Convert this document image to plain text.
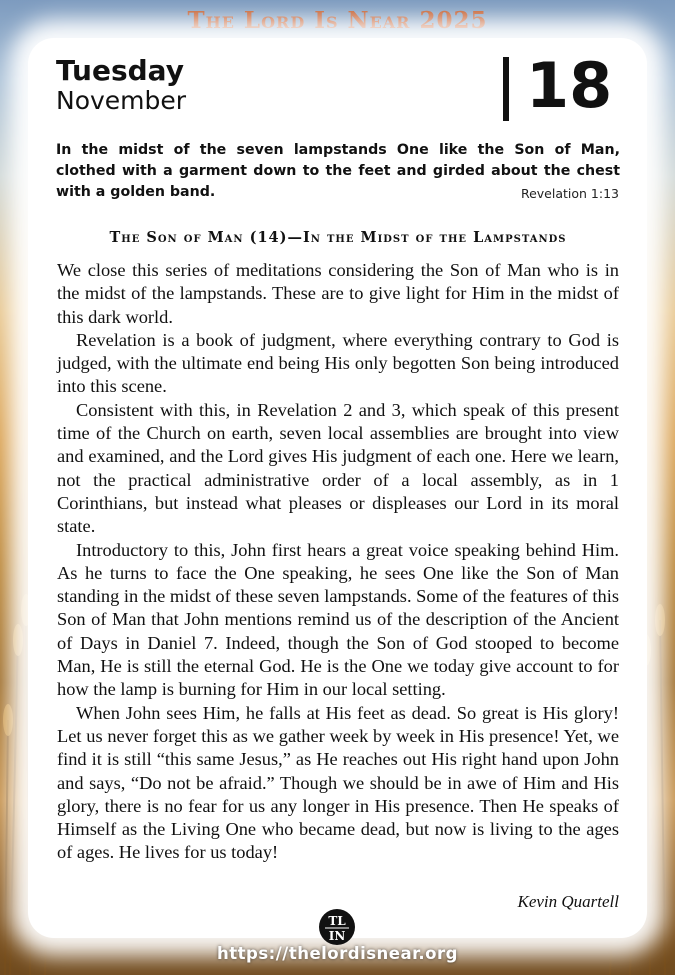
The Lord Is Near 2025
Tuesday
November	18
In the midst of the seven lampstands One like the Son of Man, clothed with a garment down to the feet and girded about the chest with a golden band.	Revelation 1:13
The Son of Man (14)—In the Midst of the Lampstands

We close this series of meditations considering the Son of Man who is in the midst of the lampstands. These are to give light for Him in the midst of this dark world.

Revelation is a book of judgment, where everything contrary to God is judged, with the ultimate end being His only begotten Son being introduced into this scene.

Consistent with this, in Revelation 2 and 3, which speak of this present time of the Church on earth, seven local assemblies are brought into view and examined, and the Lord gives His judgment of each one. Here we learn, not the practical administrative order of a local assembly, as in 1 Corinthians, but instead what pleases or displeases our Lord in its moral state.

Introductory to this, John first hears a great voice speaking behind Him. As he turns to face the One speaking, he sees One like the Son of Man standing in the midst of these seven lampstands. Some of the features of this Son of Man that John mentions remind us of the description of the Ancient of Days in Daniel 7. Indeed, though the Son of God stooped to become Man, He is still the eternal God. He is the One we today give account to for how the lamp is burning for Him in our local setting.

When John sees Him, he falls at His feet as dead. So great is His glory! Let us never forget this as we gather week by week in His presence! Yet, we find it is still “this same Jesus,” as He reaches out His right hand upon John and says, “Do not be afraid.” Though we should be in awe of Him and His glory, there is no fear for us any longer in His presence. Then He speaks of Himself as the Living One who became dead, but now is living to the ages of ages. He lives for us today!

Kevin Quartell
TL
IN
https://thelordisnear.org
